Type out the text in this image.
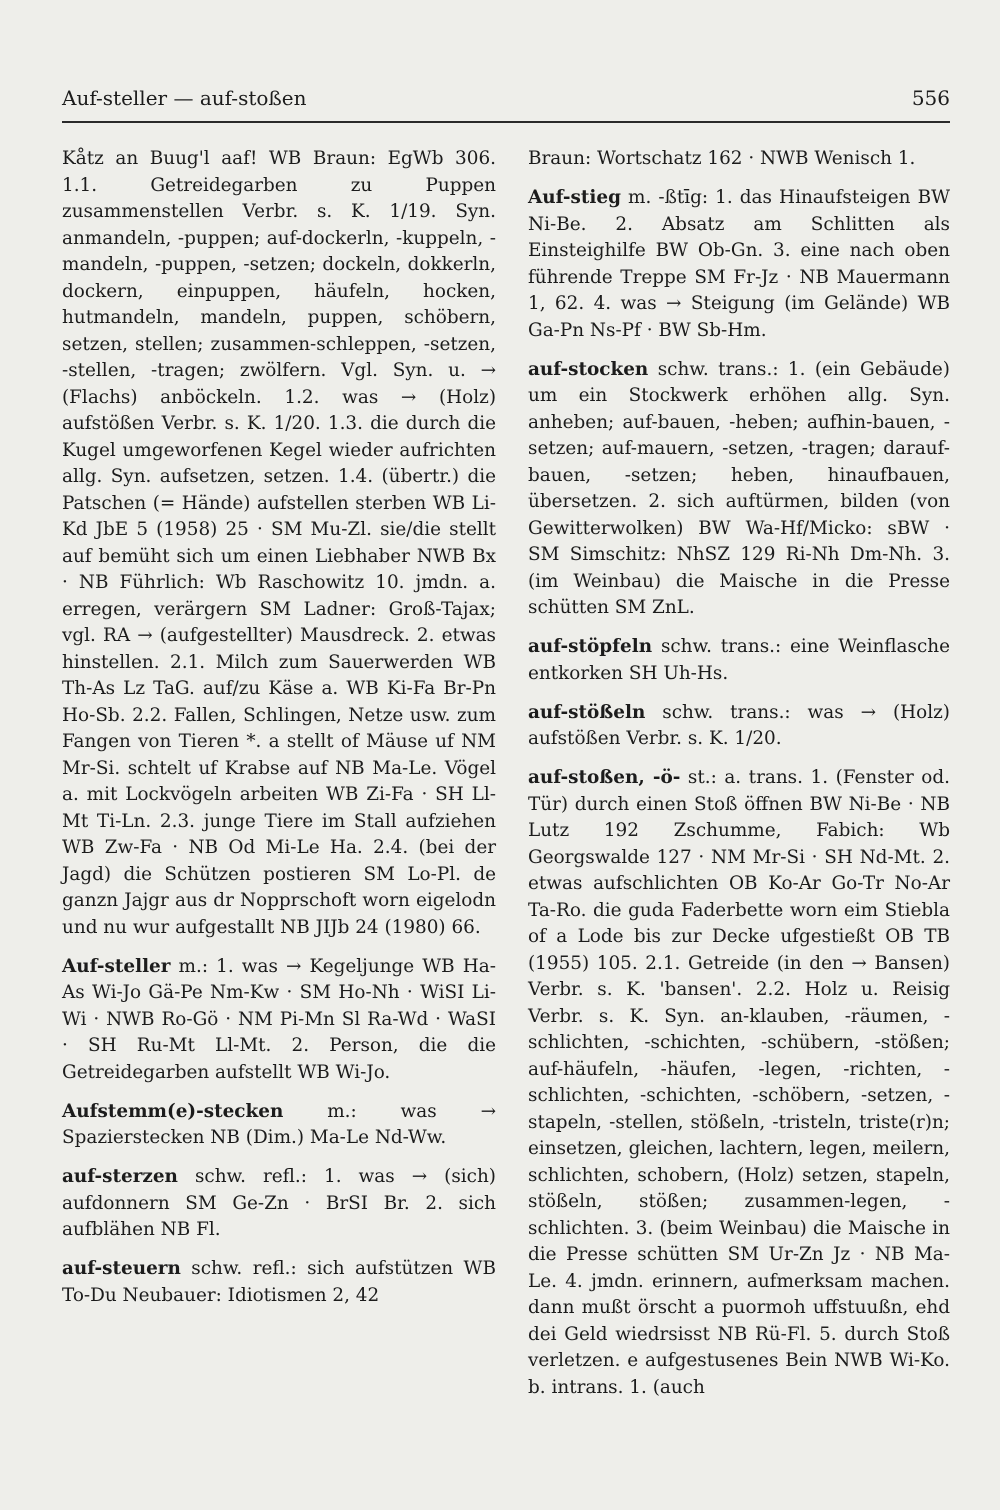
Auf-steller — auf-stoßen	556

Kåtz an Buug'l aaf! WB Braun: EgWb 306. 1.1. Getreidegarben zu Puppen zusammenstellen Verbr. s. K. 1/19. Syn. anmandeln, -puppen; auf-dockerln, -kuppeln, -mandeln, -puppen, -setzen; dockeln, dokkerln, dockern, einpuppen, häufeln, hocken, hutmandeln, mandeln, puppen, schöbern, setzen, stellen; zusammen-schleppen, -setzen, -stellen, -tragen; zwölfern. Vgl. Syn. u. → (Flachs) anböckeln. 1.2. was → (Holz) aufstößen Verbr. s. K. 1/20. 1.3. die durch die Kugel umgeworfenen Kegel wieder aufrichten allg. Syn. aufsetzen, setzen. 1.4. (übertr.) die Patschen (= Hände) aufstellen sterben WB Li-Kd JbE 5 (1958) 25 · SM Mu-Zl. sie/die stellt auf bemüht sich um einen Liebhaber NWB Bx · NB Führlich: Wb Raschowitz 10. jmdn. a. erregen, verärgern SM Ladner: Groß-Tajax; vgl. RA → (aufgestellter) Mausdreck. 2. etwas hinstellen. 2.1. Milch zum Sauerwerden WB Th-As Lz TaG. auf/zu Käse a. WB Ki-Fa Br-Pn Ho-Sb. 2.2. Fallen, Schlingen, Netze usw. zum Fangen von Tieren *. a stellt of Mäuse uf NM Mr-Si. schtelt uf Krabse auf NB Ma-Le. Vögel a. mit Lockvögeln arbeiten WB Zi-Fa · SH Ll-Mt Ti-Ln. 2.3. junge Tiere im Stall aufziehen WB Zw-Fa · NB Od Mi-Le Ha. 2.4. (bei der Jagd) die Schützen postieren SM Lo-Pl. de ganzn Jajgr aus dr Nopprschoft worn eigelodn und nu wur aufgestallt NB JIJb 24 (1980) 66.

Auf-steller m.: 1. was → Kegeljunge WB Ha-As Wi-Jo Gä-Pe Nm-Kw · SM Ho-Nh · WiSI Li-Wi · NWB Ro-Gö · NM Pi-Mn Sl Ra-Wd · WaSI · SH Ru-Mt Ll-Mt. 2. Person, die die Getreidegarben aufstellt WB Wi-Jo.

Aufstemm(e)-stecken m.: was → Spazierstecken NB (Dim.) Ma-Le Nd-Ww.

auf-sterzen schw. refl.: 1. was → (sich) aufdonnern SM Ge-Zn · BrSI Br. 2. sich aufblähen NB Fl.

auf-steuern schw. refl.: sich aufstützen WB To-Du Neubauer: Idiotismen 2, 42

Braun: Wortschatz 162 · NWB Wenisch 1.

Auf-stieg m. -ßtīg: 1. das Hinaufsteigen BW Ni-Be. 2. Absatz am Schlitten als Einsteighilfe BW Ob-Gn. 3. eine nach oben führende Treppe SM Fr-Jz · NB Mauermann 1, 62. 4. was → Steigung (im Gelände) WB Ga-Pn Ns-Pf · BW Sb-Hm.

auf-stocken schw. trans.: 1. (ein Gebäude) um ein Stockwerk erhöhen allg. Syn. anheben; auf-bauen, -heben; aufhin-bauen, -setzen; auf-mauern, -setzen, -tragen; darauf-bauen, -setzen; heben, hinaufbauen, übersetzen. 2. sich auftürmen, bilden (von Gewitterwolken) BW Wa-Hf/Micko: sBW · SM Simschitz: NhSZ 129 Ri-Nh Dm-Nh. 3. (im Weinbau) die Maische in die Presse schütten SM ZnL.

auf-stöpfeln schw. trans.: eine Weinflasche entkorken SH Uh-Hs.

auf-stößeln schw. trans.: was → (Holz) aufstößen Verbr. s. K. 1/20.

auf-stoßen, -ö- st.: a. trans. 1. (Fenster od. Tür) durch einen Stoß öffnen BW Ni-Be · NB Lutz 192 Zschumme, Fabich: Wb Georgswalde 127 · NM Mr-Si · SH Nd-Mt. 2. etwas aufschlichten OB Ko-Ar Go-Tr No-Ar Ta-Ro. die guda Faderbette worn eim Stiebla of a Lode bis zur Decke ufgestießt OB TB (1955) 105. 2.1. Getreide (in den → Bansen) Verbr. s. K. 'bansen'. 2.2. Holz u. Reisig Verbr. s. K. Syn. an-klauben, -räumen, -schlichten, -schichten, -schübern, -stößen; auf-häufeln, -häufen, -legen, -richten, -schlichten, -schichten, -schöbern, -setzen, -stapeln, -stellen, stößeln, -tristeln, triste(r)n; einsetzen, gleichen, lachtern, legen, meilern, schlichten, schobern, (Holz) setzen, stapeln, stößeln, stößen; zusammen-legen, -schlichten. 3. (beim Weinbau) die Maische in die Presse schütten SM Ur-Zn Jz · NB Ma-Le. 4. jmdn. erinnern, aufmerksam machen. dann mußt örscht a puormoh uffstuußn, ehd dei Geld wiedrsisst NB Rü-Fl. 5. durch Stoß verletzen. e aufgestusenes Bein NWB Wi-Ko. b. intrans. 1. (auch
